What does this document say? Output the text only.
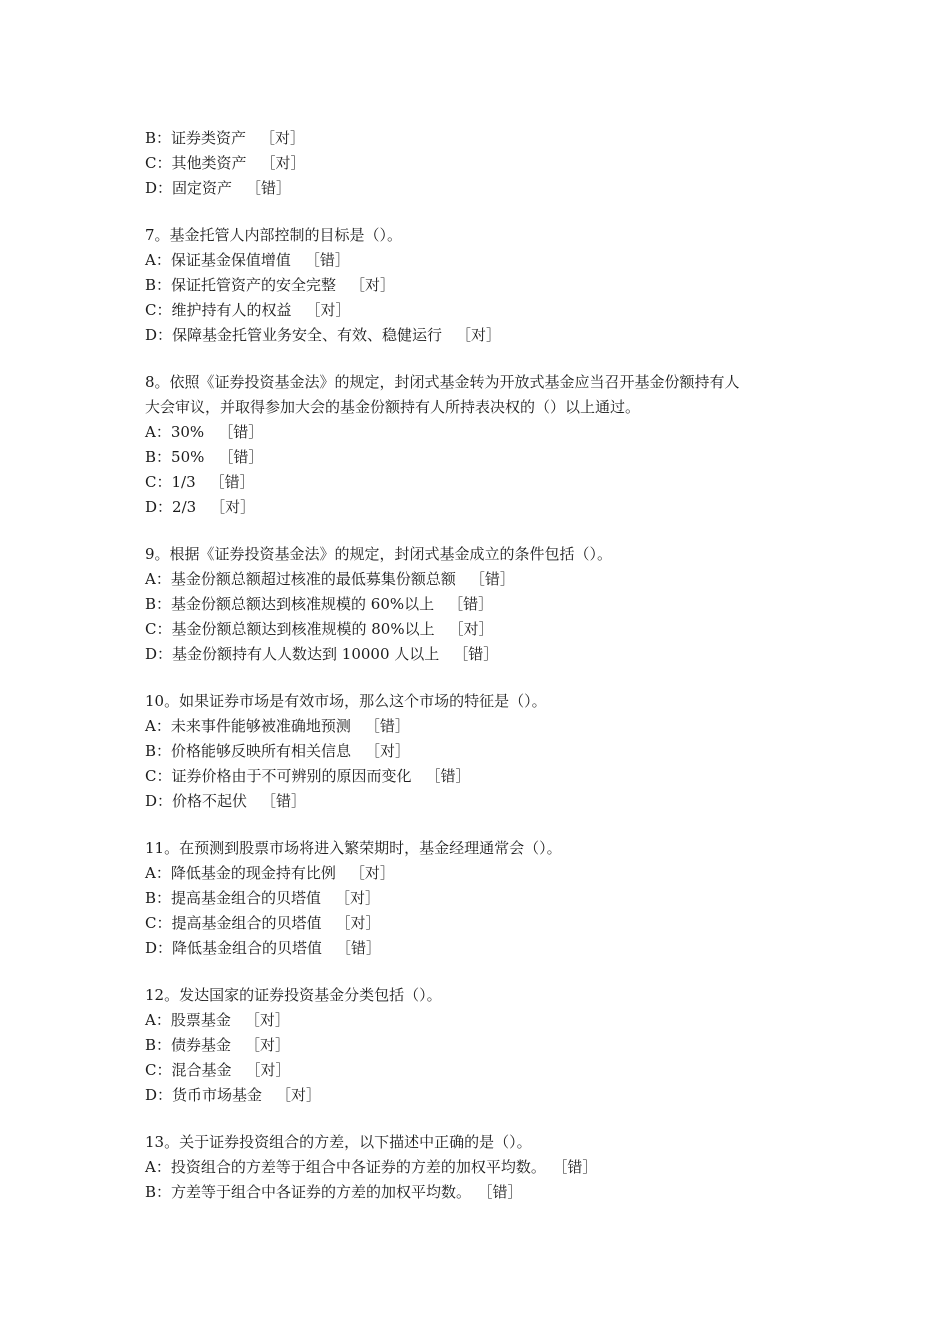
B：证券类资产 ［对］
C：其他类资产 ［对］
D：固定资产 ［错］
7。基金托管人内部控制的目标是（）。
A：保证基金保值增值 ［错］
B：保证托管资产的安全完整 ［对］
C：维护持有人的权益 ［对］
D：保障基金托管业务安全、有效、稳健运行 ［对］
8。依照《证券投资基金法》的规定，封闭式基金转为开放式基金应当召开基金份额持有人
大会审议，并取得参加大会的基金份额持有人所持表决权的（）以上通过。
A：30% ［错］
B：50% ［错］
C：1/3 ［错］
D：2/3 ［对］
9。根据《证券投资基金法》的规定，封闭式基金成立的条件包括（）。
A：基金份额总额超过核准的最低募集份额总额 ［错］
B：基金份额总额达到核准规模的 60%以上 ［错］
C：基金份额总额达到核准规模的 80%以上 ［对］
D：基金份额持有人人数达到 10000 人以上 ［错］
10。如果证券市场是有效市场，那么这个市场的特征是（）。
A：未来事件能够被准确地预测 ［错］
B：价格能够反映所有相关信息 ［对］
C：证券价格由于不可辨别的原因而变化 ［错］
D：价格不起伏 ［错］
11。在预测到股票市场将进入繁荣期时，基金经理通常会（）。
A：降低基金的现金持有比例 ［对］
B：提高基金组合的贝塔值 ［对］
C：提高基金组合的贝塔值 ［对］
D：降低基金组合的贝塔值 ［错］
12。发达国家的证券投资基金分类包括（）。
A：股票基金 ［对］
B：债券基金 ［对］
C：混合基金 ［对］
D：货币市场基金 ［对］
13。关于证券投资组合的方差，以下描述中正确的是（）。
A：投资组合的方差等于组合中各证券的方差的加权平均数。 ［错］
B：方差等于组合中各证券的方差的加权平均数。 ［错］
